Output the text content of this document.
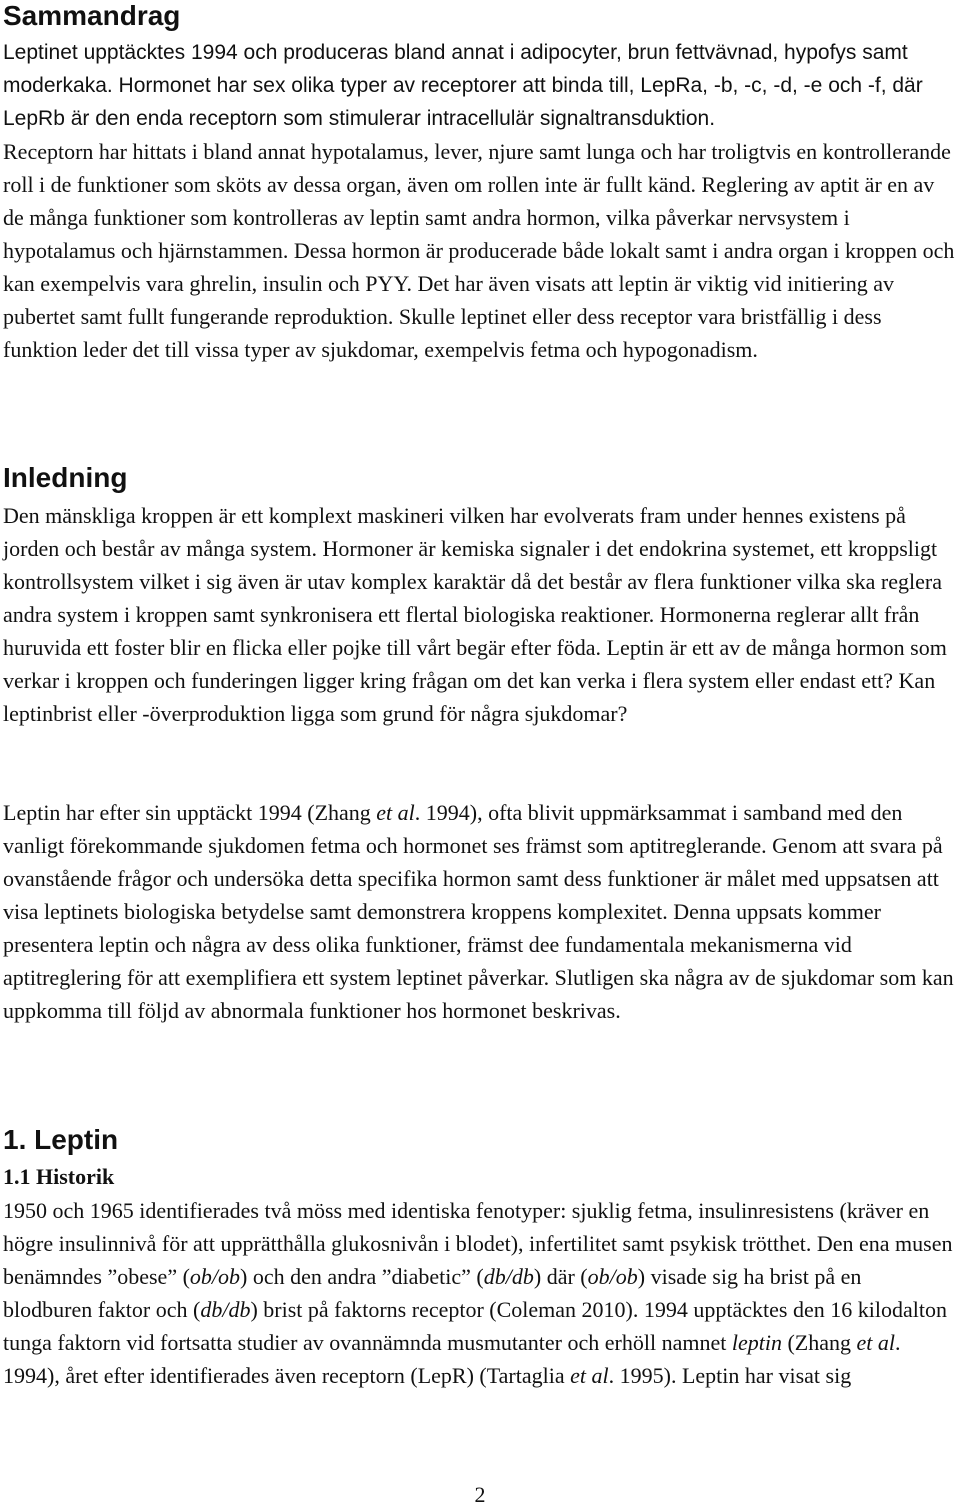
Sammandrag

Leptinet upptäcktes 1994 och produceras bland annat i adipocyter, brun fettvävnad, hypofys samt moderkaka. Hormonet har sex olika typer av receptorer att binda till, LepRa, -b, -c, -d, -e och -f, där LepRb är den enda receptorn som stimulerar intracellulär signaltransduktion.

Receptorn har hittats i bland annat hypotalamus, lever, njure samt lunga och har troligtvis en kontrollerande roll i de funktioner som sköts av dessa organ, även om rollen inte är fullt känd. Reglering av aptit är en av de många funktioner som kontrolleras av leptin samt andra hormon, vilka påverkar nervsystem i hypotalamus och hjärnstammen. Dessa hormon är producerade både lokalt samt i andra organ i kroppen och kan exempelvis vara ghrelin, insulin och PYY. Det har även visats att leptin är viktig vid initiering av pubertet samt fullt fungerande reproduktion. Skulle leptinet eller dess receptor vara bristfällig i dess funktion leder det till vissa typer av sjukdomar, exempelvis fetma och hypogonadism.

Inledning

Den mänskliga kroppen är ett komplext maskineri vilken har evolverats fram under hennes existens på jorden och består av många system. Hormoner är kemiska signaler i det endokrina systemet, ett kroppsligt kontrollsystem vilket i sig även är utav komplex karaktär då det består av flera funktioner vilka ska reglera andra system i kroppen samt synkronisera ett flertal biologiska reaktioner. Hormonerna reglerar allt från huruvida ett foster blir en flicka eller pojke till vårt begär efter föda. Leptin är ett av de många hormon som verkar i kroppen och funderingen ligger kring frågan om det kan verka i flera system eller endast ett? Kan leptinbrist eller -överproduktion ligga som grund för några sjukdomar?

Leptin har efter sin upptäckt 1994 (Zhang et al. 1994), ofta blivit uppmärksammat i samband med den vanligt förekommande sjukdomen fetma och hormonet ses främst som aptitreglerande. Genom att svara på ovanstående frågor och undersöka detta specifika hormon samt dess funktioner är målet med uppsatsen att visa leptinets biologiska betydelse samt demonstrera kroppens komplexitet. Denna uppsats kommer presentera leptin och några av dess olika funktioner, främst dee fundamentala mekanismerna vid aptitreglering för att exemplifiera ett system leptinet påverkar. Slutligen ska några av de sjukdomar som kan uppkomma till följd av abnormala funktioner hos hormonet beskrivas.

1. Leptin
1.1 Historik

1950 och 1965 identifierades två möss med identiska fenotyper: sjuklig fetma, insulinresistens (kräver en högre insulinnivå för att upprätthålla glukosnivån i blodet), infertilitet samt psykisk trötthet. Den ena musen benämndes ”obese” (ob/ob) och den andra ”diabetic” (db/db) där (ob/ob) visade sig ha brist på en blodburen faktor och (db/db) brist på faktorns receptor (Coleman 2010). 1994 upptäcktes den 16 kilodalton tunga faktorn vid fortsatta studier av ovannämnda musmutanter och erhöll namnet leptin (Zhang et al. 1994), året efter identifierades även receptorn (LepR) (Tartaglia et al. 1995). Leptin har visat sig

2
